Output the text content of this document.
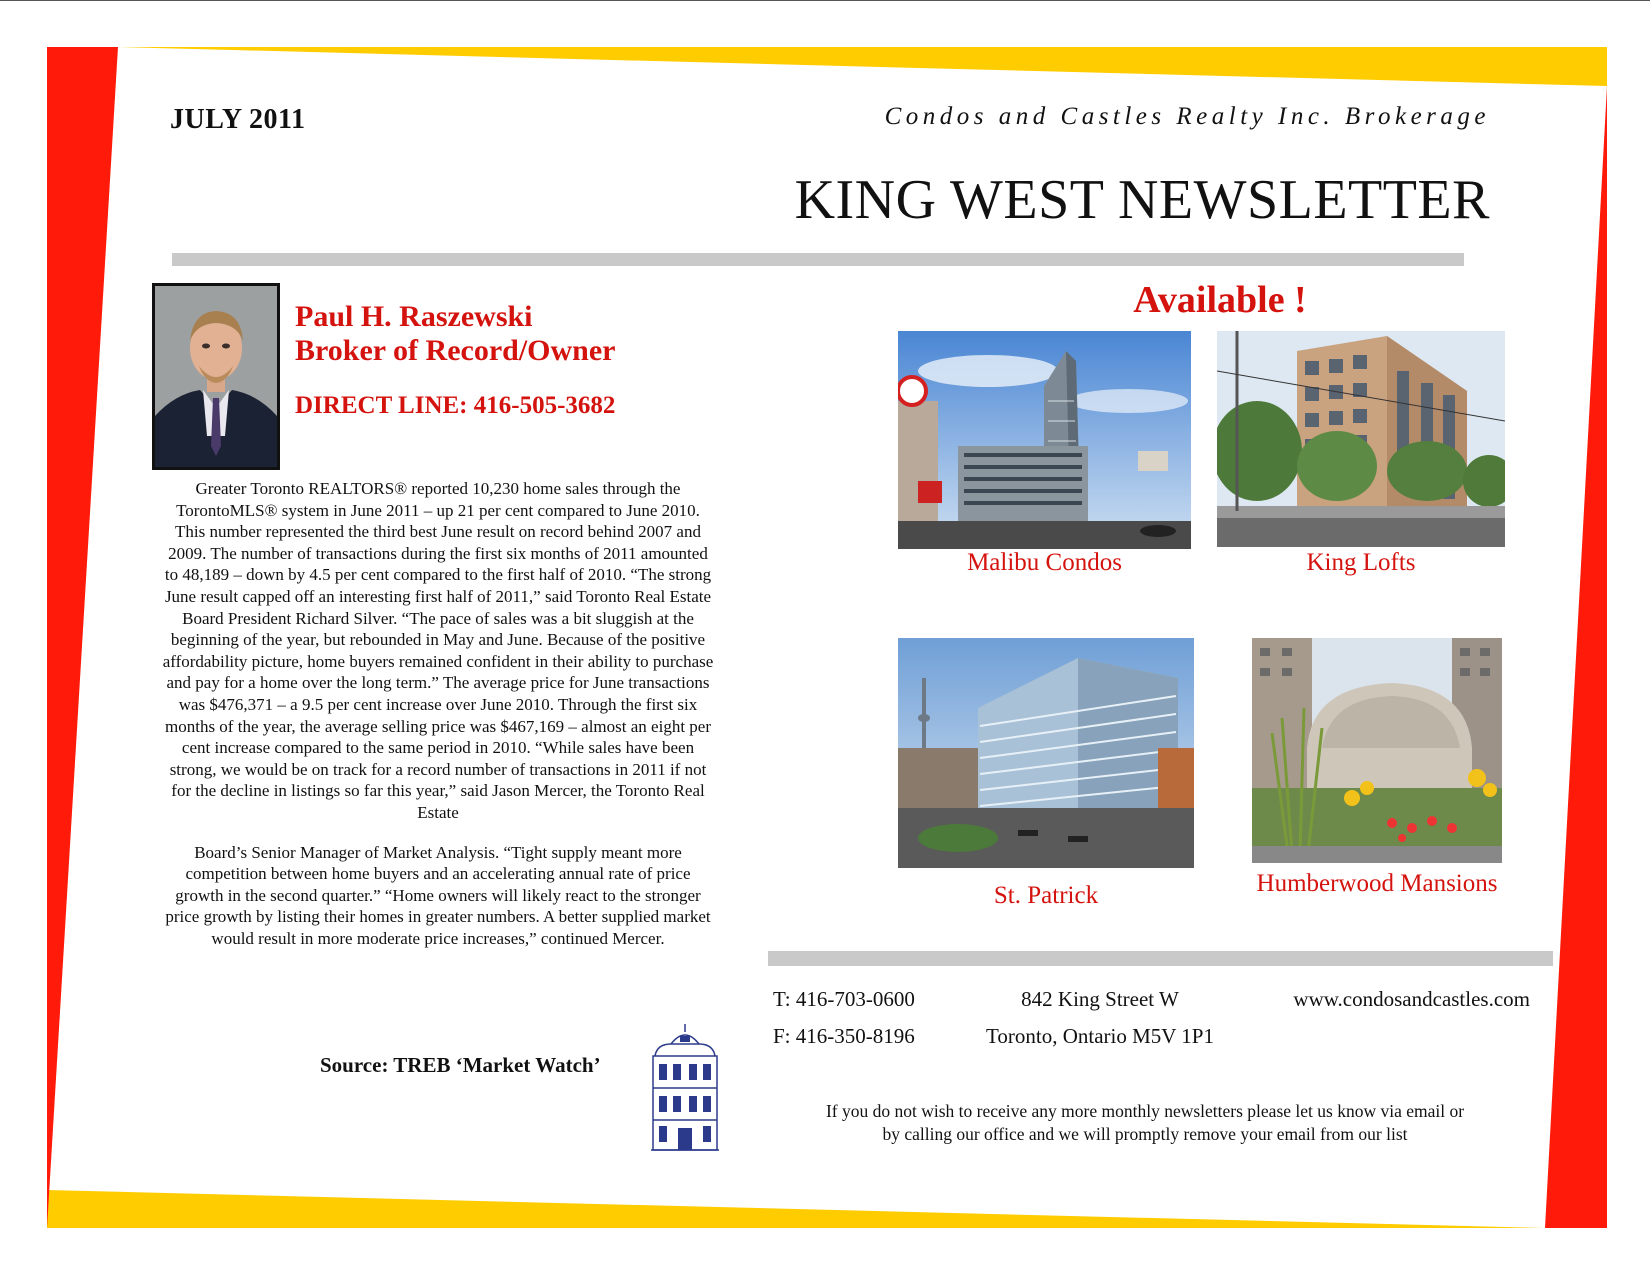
JULY 2011	Condos and Castles Realty Inc. Brokerage
KING WEST NEWSLETTER
Paul H. Raszewski
Broker of Record/Owner
DIRECT LINE: 416-505-3682

Greater Toronto REALTORS® reported 10,230 home sales through the TorontoMLS® system in June 2011 – up 21 per cent compared to June 2010. This number represented the third best June result on record behind 2007 and 2009. The number of transactions during the first six months of 2011 amounted to 48,189 – down by 4.5 per cent compared to the first half of 2010. “The strong June result capped off an interesting first half of 2011,” said Toronto Real Estate Board President Richard Silver. “The pace of sales was a bit sluggish at the beginning of the year, but rebounded in May and June. Because of the positive affordability picture, home buyers remained confident in their ability to purchase and pay for a home over the long term.” The average price for June transactions was $476,371 – a 9.5 per cent increase over June 2010. Through the first six months of the year, the average selling price was $467,169 – almost an eight per cent increase compared to the same period in 2010. “While sales have been strong, we would be on track for a record number of transactions in 2011 if not for the decline in listings so far this year,” said Jason Mercer, the Toronto Real Estate

Board’s Senior Manager of Market Analysis. “Tight supply meant more competition between home buyers and an accelerating annual rate of price growth in the second quarter.” “Home owners will likely react to the stronger price growth by listing their homes in greater numbers. A better supplied market would result in more moderate price increases,” continued Mercer.

Source: TREB ‘Market Watch’
Available !
Malibu Condos	King Lofts
St. Patrick	Humberwood Mansions
T: 416-703-0600
F: 416-350-8196
842 King Street W
Toronto, Ontario M5V 1P1
www.condosandcastles.com
If you do not wish to receive any more monthly newsletters please let us know via email or
by calling our office and we will promptly remove your email from our list
